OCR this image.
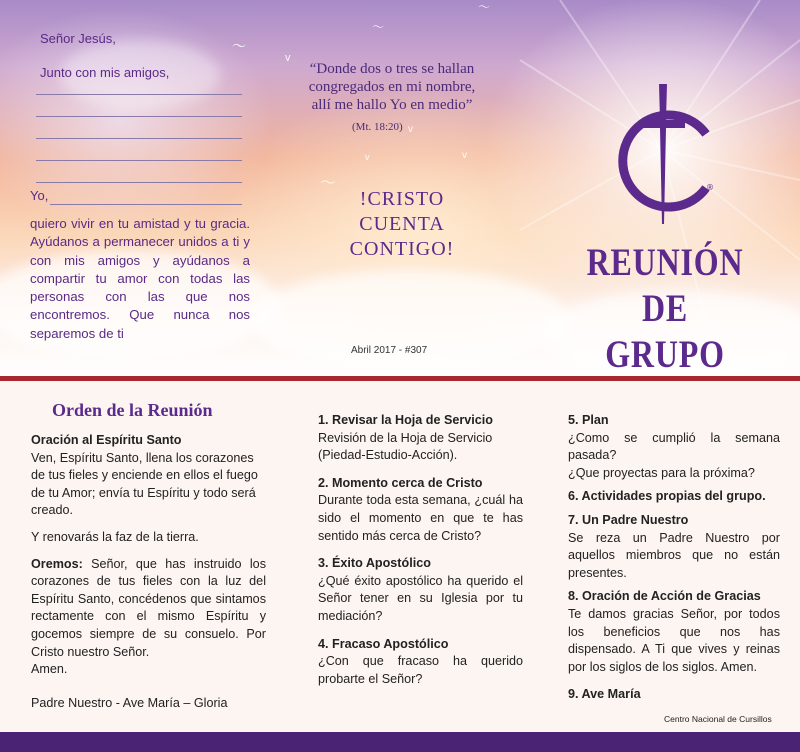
〜
〜
〜
v
〜
v
v
v
Señor Jesús,
Junto con mis amigos,
Yo,
quiero vivir en tu amistad y tu gracia. Ayúdanos a permanecer unidos a ti y con mis amigos y ayúdanos a compartir tu amor con todas las personas con las que nos encontremos. Que nunca nos separemos de ti
“Donde dos o tres se hallan
congregados en mi nombre,
allí me hallo Yo en medio”
(Mt. 18:20)
!CRISTO
CUENTA
CONTIGO!
Abril 2017 - #307
®
REUNIÓN
DE GRUPO
Orden de la Reunión

Oración al Espíritu Santo

Ven, Espíritu Santo, llena los corazones de tus fieles y enciende en ellos el fuego de tu Amor; envía tu Espíritu y todo será creado.

Y renovarás la faz de la tierra.

Oremos: Señor, que has instruido los corazones de tus fieles con la luz del Espíritu Santo, concédenos que sintamos rectamente con el mismo Espíritu y gocemos siempre de su consuelo. Por Cristo nuestro Señor.

Amen.

Padre Nuestro - Ave María – Gloria

1. Revisar la Hoja de Servicio

Revisión de la Hoja de Servicio (Piedad-Estudio-Acción).

2. Momento cerca de Cristo

Durante toda esta semana, ¿cuál ha sido el momento en que te has sentido más cerca de Cristo?

3. Éxito Apostólico

¿Qué éxito apostólico ha querido el Señor tener en su Iglesia por tu mediación?

4. Fracaso Apostólico

¿Con que fracaso ha querido probarte el Señor?

5. Plan

¿Como se cumplió la semana pasada?

¿Que proyectas para la próxima?

6. Actividades propias del grupo.

7. Un Padre Nuestro

Se reza un Padre Nuestro por aquellos miembros que no están presentes.

8. Oración de Acción de Gracias

Te damos gracias Señor, por todos los beneficios que nos has dispensado. A Ti que vives y reinas por los siglos de los siglos. Amen.

9. Ave María

Centro Nacional de Cursillos
